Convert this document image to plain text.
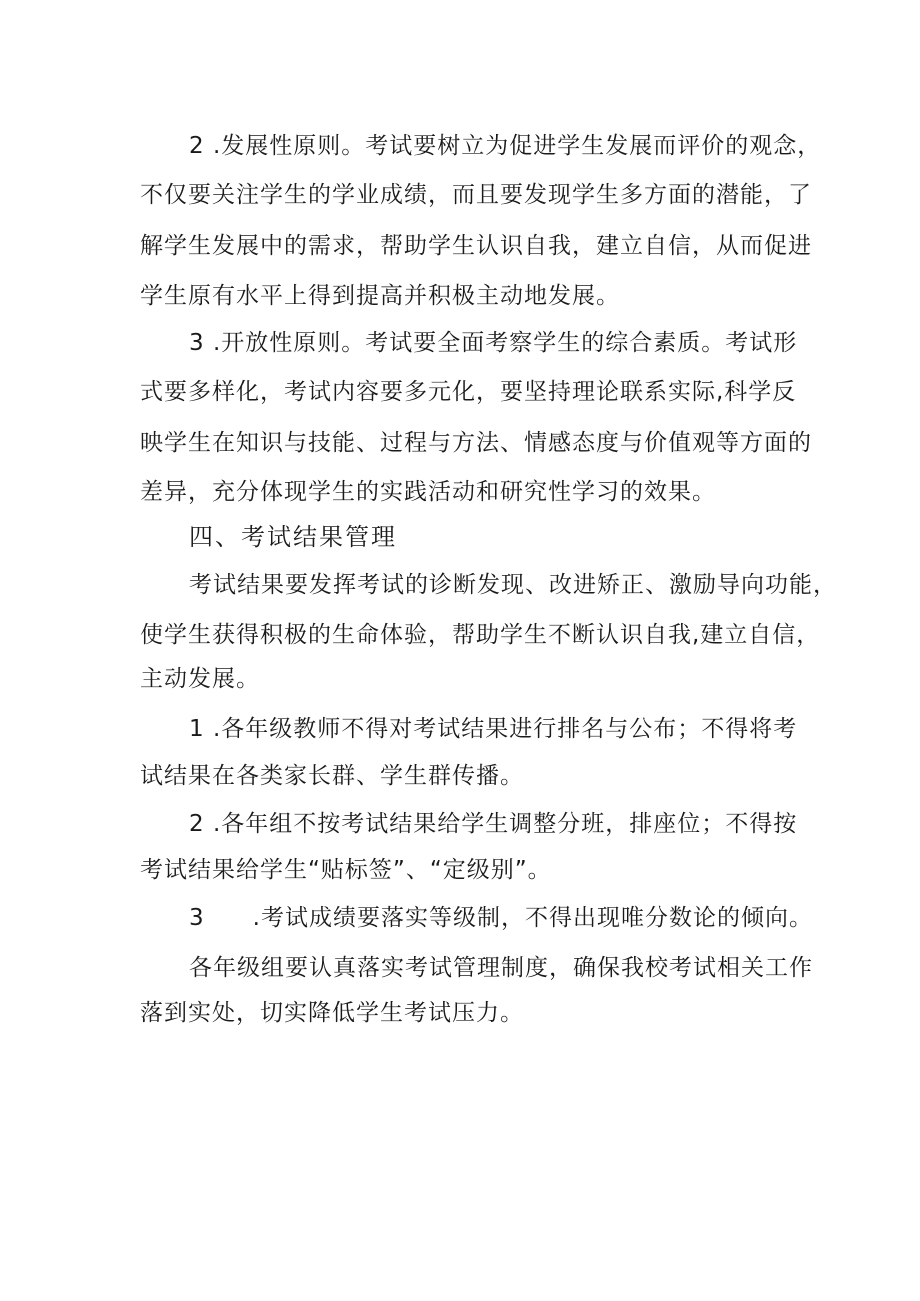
2 .发展性原则。考试要树立为促进学生发展而评价的观念，
不仅要关注学生的学业成绩，而且要发现学生多方面的潜能，了
解学生发展中的需求，帮助学生认识自我，建立自信，从而促进
学生原有水平上得到提高并积极主动地发展。
3 .开放性原则。考试要全面考察学生的综合素质。考试形
式要多样化，考试内容要多元化，要坚持理论联系实际,科学反
映学生在知识与技能、过程与方法、情感态度与价值观等方面的
差异，充分体现学生的实践活动和研究性学习的效果。
四、考试结果管理
考试结果要发挥考试的诊断发现、改进矫正、激励导向功能，
使学生获得积极的生命体验，帮助学生不断认识自我,建立自信，
主动发展。
1 .各年级教师不得对考试结果进行排名与公布；不得将考
试结果在各类家长群、学生群传播。
2 .各年组不按考试结果给学生调整分班，排座位；不得按
考试结果给学生“贴标签”、“定级别”。
3　　.考试成绩要落实等级制，不得出现唯分数论的倾向。
各年级组要认真落实考试管理制度，确保我校考试相关工作
落到实处，切实降低学生考试压力。
